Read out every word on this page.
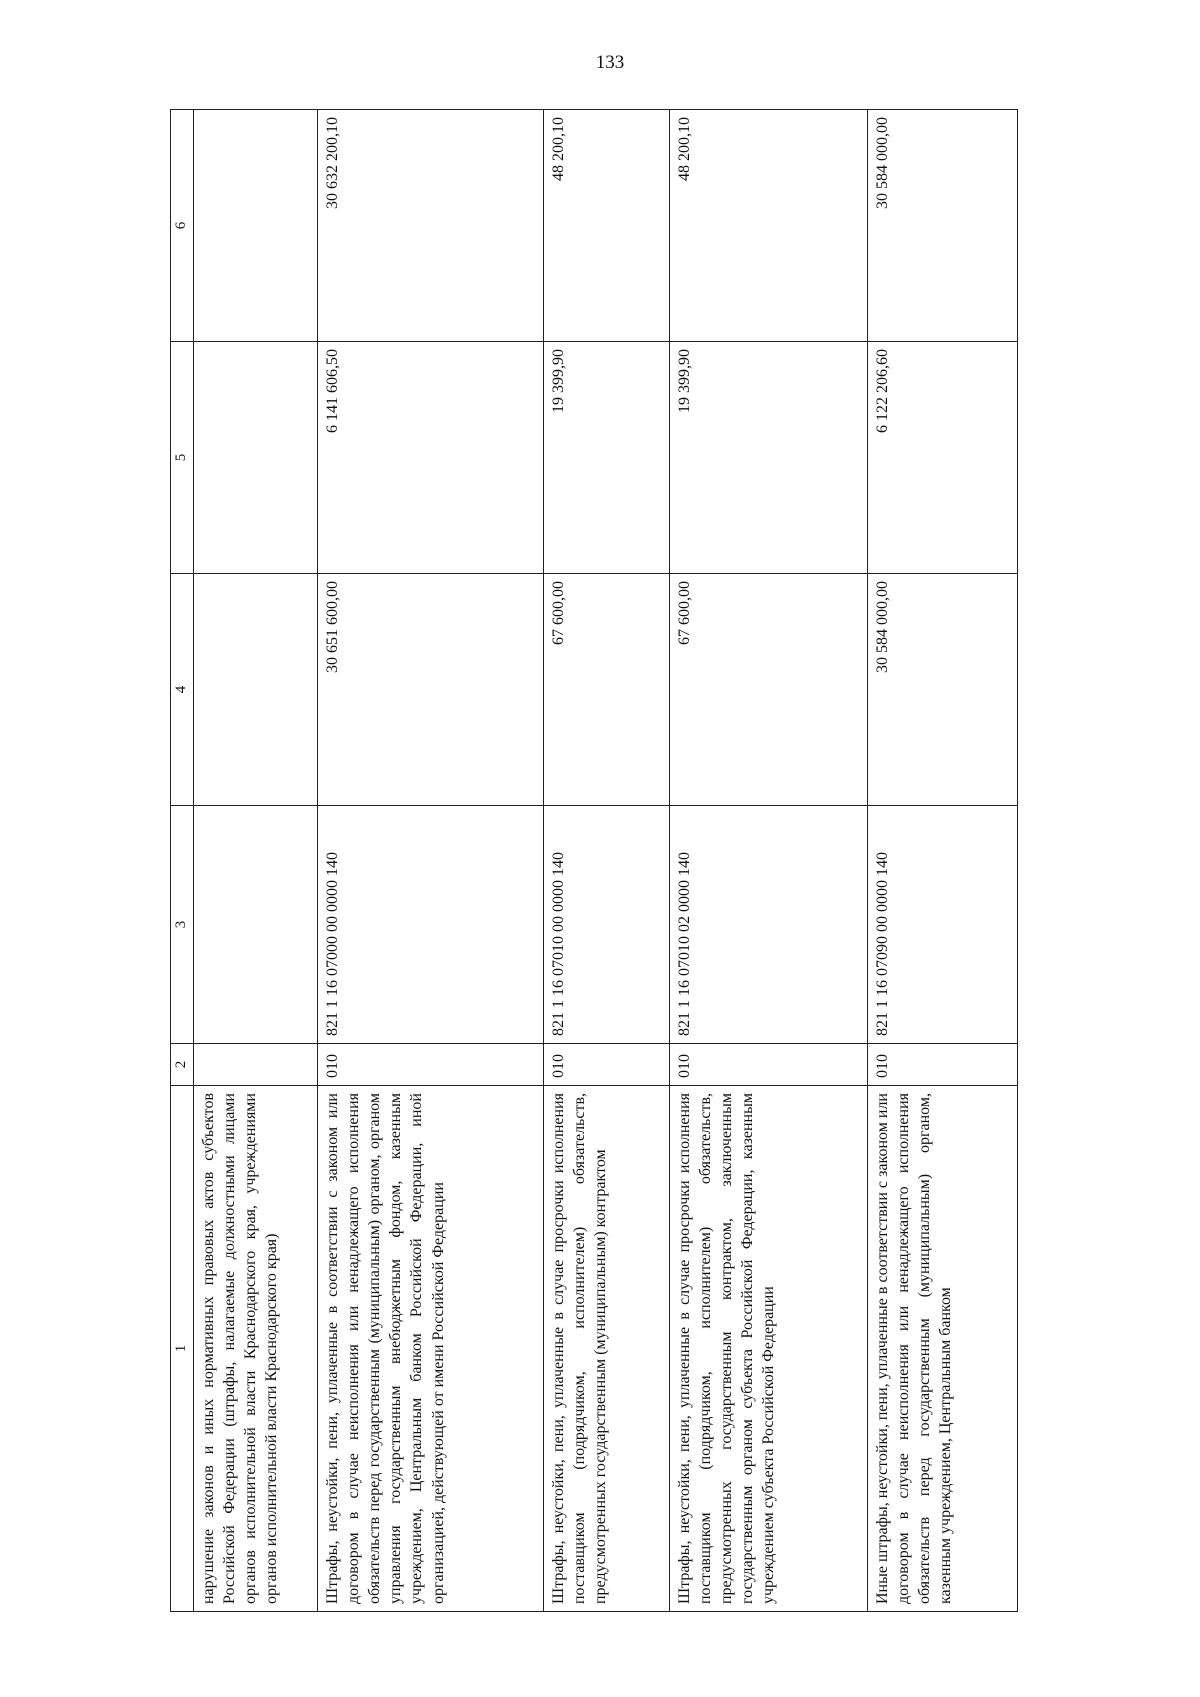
133
1	2	3	4	5	6
нарушение законов и иных нормативных правовых актов субъектов Российской Федерации (штрафы, налагаемые должностными лицами органов исполнительной власти Краснодарского края, учреждениями органов исполнительной власти Краснодарского края)					
Штрафы, неустойки, пени, уплаченные в соответствии с законом или договором в случае неисполнения или ненадлежащего исполнения обязательств перед государственным (муниципальным) органом, органом управления государственным внебюджетным фондом, казенным учреждением, Центральным банком Российской Федерации, иной организацией, действующей от имени Российской Федерации	010	821 1 16 07000 00 0000 140	30 651 600,00	6 141 606,50	30 632 200,10
Штрафы, неустойки, пени, уплаченные в случае просрочки исполнения поставщиком (подрядчиком, исполнителем) обязательств, предусмотренных государственным (муниципальным) контрактом	010	821 1 16 07010 00 0000 140	67 600,00	19 399,90	48 200,10
Штрафы, неустойки, пени, уплаченные в случае просрочки исполнения поставщиком (подрядчиком, исполнителем) обязательств, предусмотренных государственным контрактом, заключенным государственным органом субъекта Российской Федерации, казенным учреждением субъекта Российской Федерации	010	821 1 16 07010 02 0000 140	67 600,00	19 399,90	48 200,10
Иные штрафы, неустойки, пени, уплаченные в соответствии с законом или договором в случае неисполнения или ненадлежащего исполнения обязательств перед государственным (муниципальным) органом, казенным учреждением, Центральным банком	010	821 1 16 07090 00 0000 140	30 584 000,00	6 122 206,60	30 584 000,00
